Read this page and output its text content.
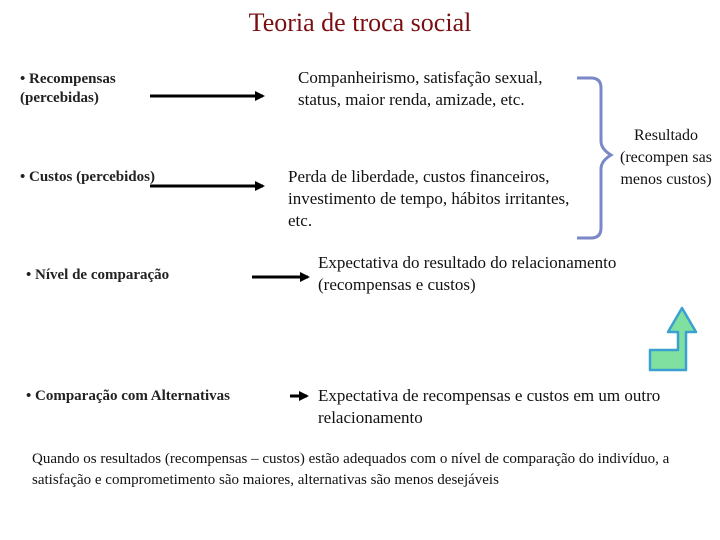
Teoria de troca social
• Recompensas (percebidas)
Companheirismo, satisfação sexual, status, maior renda, amizade, etc.
• Custos (percebidos)	Perda de liberdade, custos financeiros, investimento de tempo, hábitos irritantes, etc.
• Nível de comparação
Expectativa do resultado do relacionamento (recompensas e custos)
• Comparação com Alternativas	Expectativa de recompensas e custos em um outro relacionamento
Resultado (recompen sas menos custos)
Quando os resultados (recompensas – custos) estão adequados com o nível de comparação do indivíduo, a satisfação e comprometimento são maiores, alternativas são menos desejáveis
